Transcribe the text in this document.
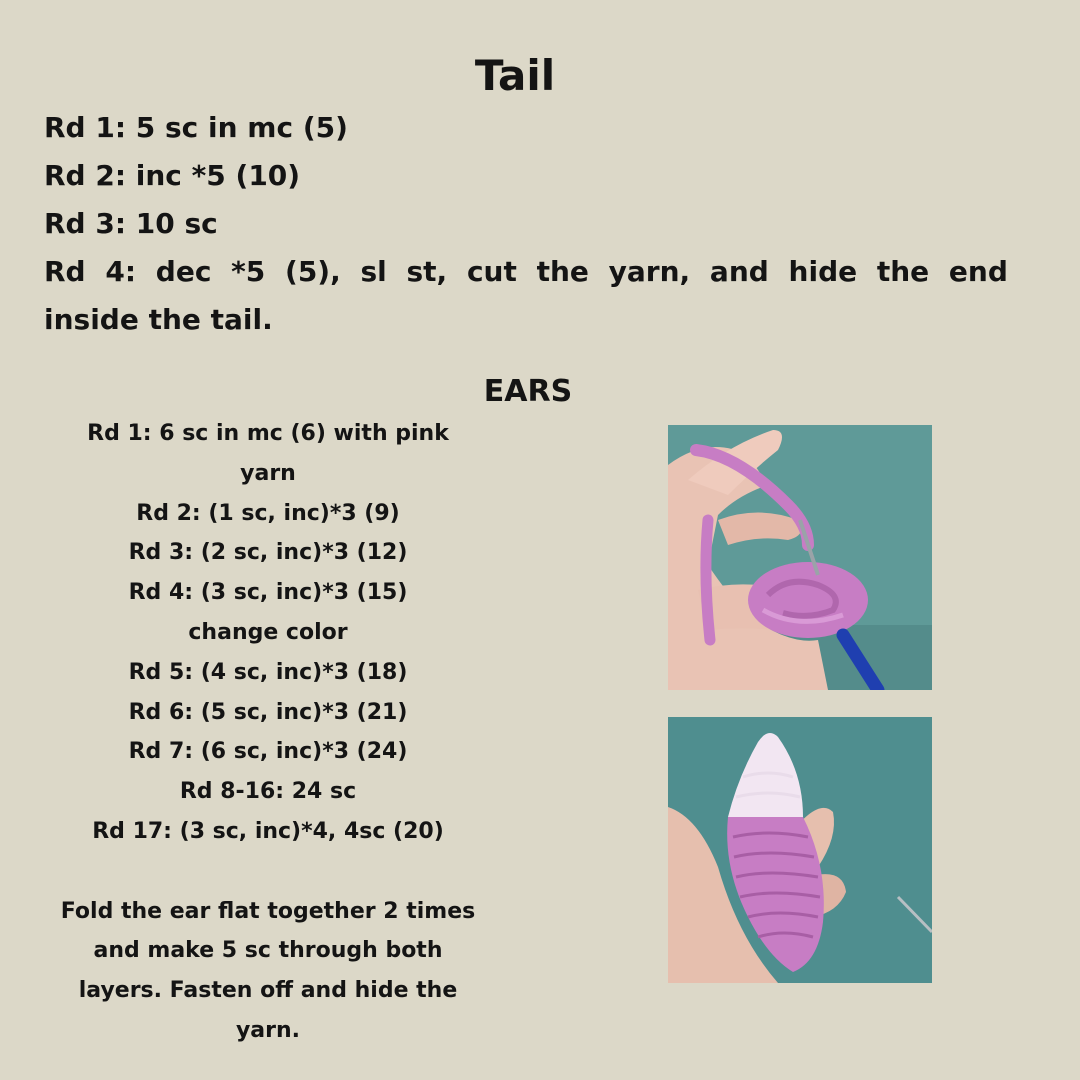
Tail
Rd 1: 5 sc in mc (5)
Rd 2: inc *5 (10)
Rd 3: 10 sc
Rd 4: dec *5 (5), sl st, cut the yarn, and hide the end
inside the tail.
EARS
Rd 1: 6 sc in mc (6) with pink
yarn
Rd 2: (1 sc, inc)*3 (9)
Rd 3: (2 sc, inc)*3 (12)
Rd 4: (3 sc, inc)*3 (15)
change color
Rd 5: (4 sc, inc)*3 (18)
Rd 6: (5 sc, inc)*3 (21)
Rd 7: (6 sc, inc)*3 (24)
Rd 8-16: 24 sc
Rd 17: (3 sc, inc)*4, 4sc (20)
Fold the ear flat together 2 times
and make 5 sc through both
layers. Fasten off and hide the
yarn.
